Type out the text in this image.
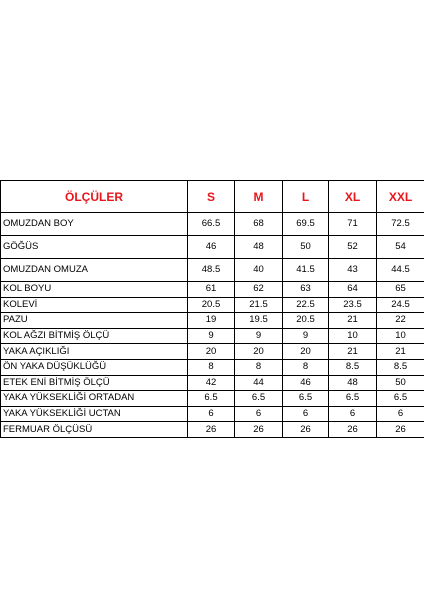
ÖLÇÜLER	S	M	L	XL	XXL
OMUZDAN BOY	66.5	68	69.5	71	72.5
GÖĞÜS	46	48	50	52	54
OMUZDAN OMUZA	48.5	40	41.5	43	44.5
KOL BOYU	61	62	63	64	65
KOLEVİ	20.5	21.5	22.5	23.5	24.5
PAZU	19	19.5	20.5	21	22
KOL AĞZI BİTMİŞ ÖLÇÜ	9	9	9	10	10
YAKA AÇIKLIĞI	20	20	20	21	21
ÖN YAKA DÜŞÜKLÜĞÜ	8	8	8	8.5	8.5
ETEK ENİ BİTMİŞ ÖLÇÜ	42	44	46	48	50
YAKA YÜKSEKLİĞİ ORTADAN	6.5	6.5	6.5	6.5	6.5
YAKA YÜKSEKLİĞİ UCTAN	6	6	6	6	6
FERMUAR ÖLÇÜSÜ	26	26	26	26	26
